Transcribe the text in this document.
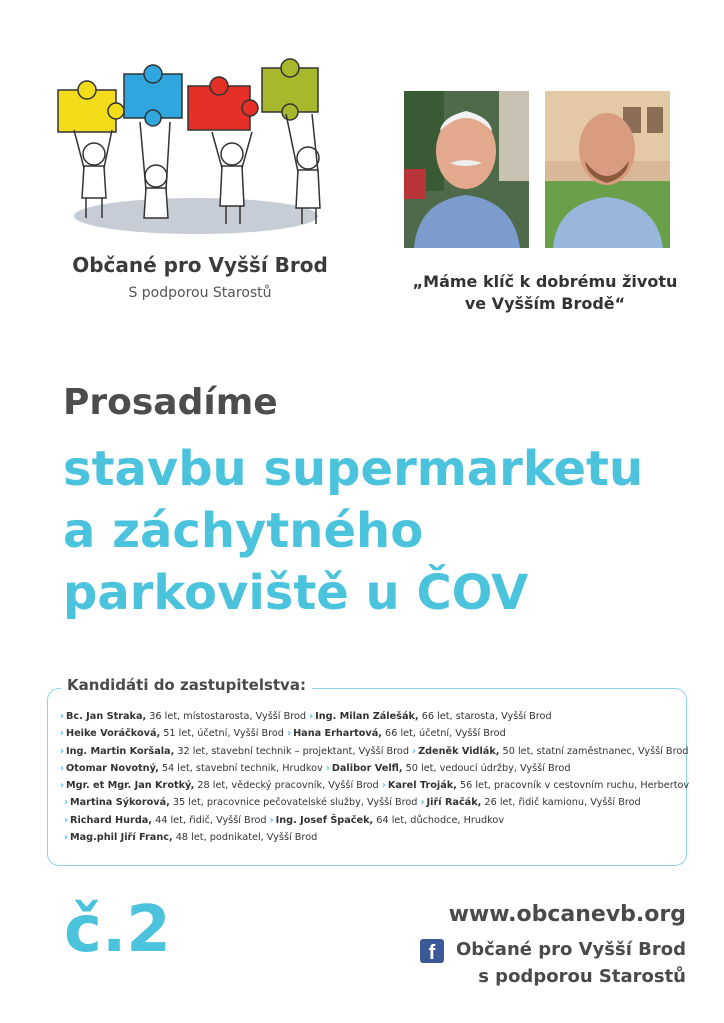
Občané pro Vyšší Brod
S podporou Starostů
„Máme klíč k dobrému životu
ve Vyšším Brodě“
Prosadíme
stavbu supermarketu
a záchytného
parkoviště u ČOV
Kandidáti do zastupitelstva:
› Bc. Jan Straka, 36 let, místostarosta, Vyšší Brod › Ing. Milan Zálešák, 66 let, starosta, Vyšší Brod
› Heike Voráčková, 51 let, účetní, Vyšší Brod › Hana Erhartová, 66 let, účetní, Vyšší Brod
› Ing. Martin Koršala, 32 let, stavební technik – projektant, Vyšší Brod › Zdeněk Vidlák, 50 let, statní zaměstnanec, Vyšší Brod
› Otomar Novotný, 54 let, stavební technik, Hrudkov › Dalibor Velfl, 50 let, vedoucí údržby, Vyšší Brod
› Mgr. et Mgr. Jan Krotký, 28 let, vědecký pracovník, Vyšší Brod › Karel Troják, 56 let, pracovník v cestovním ruchu, Herbertov
› Martina Sýkorová, 35 let, pracovnice pečovatelské služby, Vyšší Brod › Jiří Račák, 26 let, řidič kamionu, Vyšší Brod
› Richard Hurda, 44 let, řidič, Vyšší Brod › Ing. Josef Špaček, 64 let, důchodce, Hrudkov
› Mag.phil Jiří Franc, 48 let, podnikatel, Vyšší Brod
č.2	www.obcanevb.org
f	Občané pro Vyšší Brod
s podporou Starostů
